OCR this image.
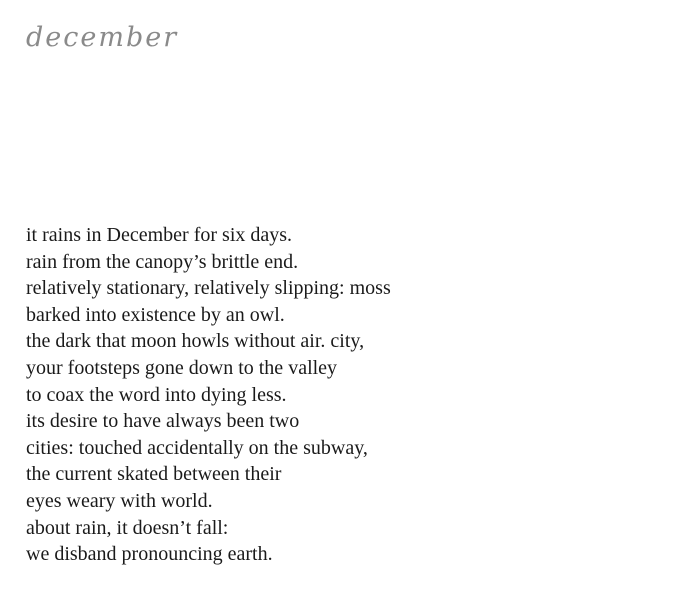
december
it rains in December for six days.
rain from the canopy’s brittle end.
relatively stationary, relatively slipping: moss
barked into existence by an owl.
the dark that moon howls without air. city,
your footsteps gone down to the valley
to coax the word into dying less.
its desire to have always been two
cities: touched accidentally on the subway,
the current skated between their
eyes weary with world.
about rain, it doesn’t fall:
we disband pronouncing earth.
